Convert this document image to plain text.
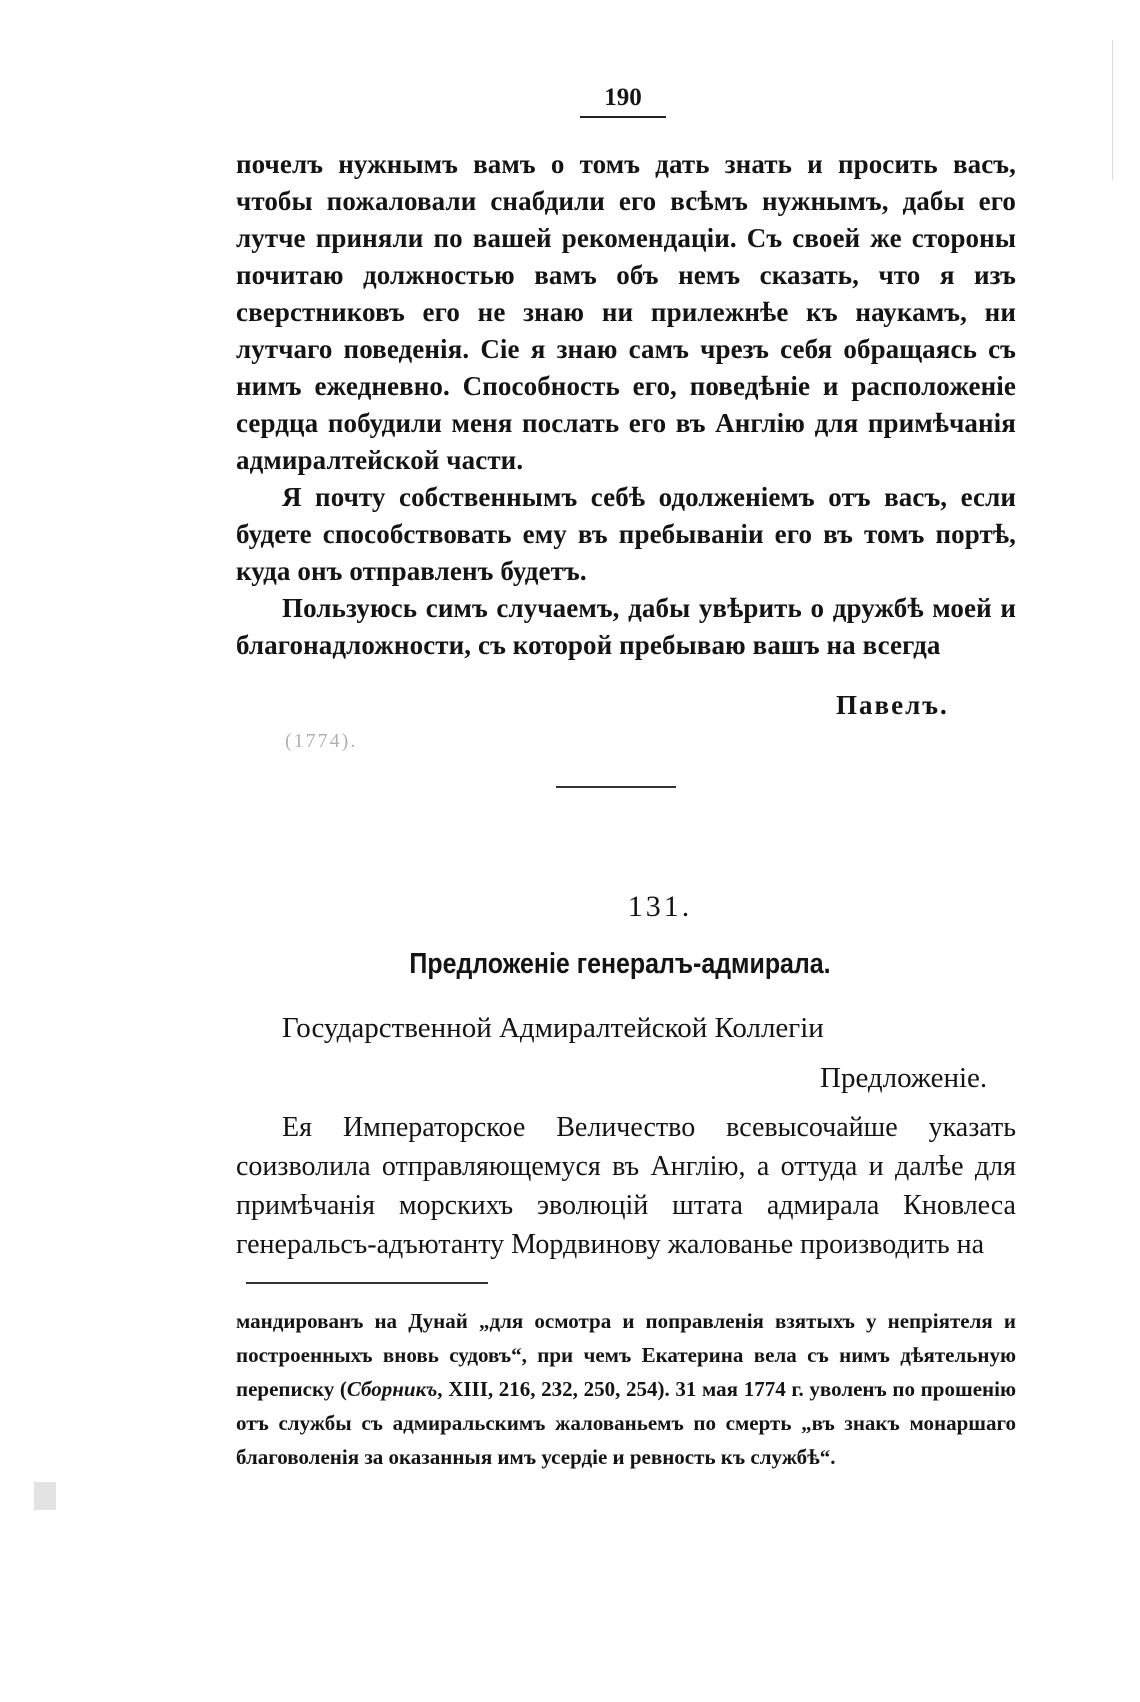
190

почелъ нужнымъ вамъ о томъ дать знать и просить васъ, чтобы пожаловали снабдили его всѣмъ нужнымъ, дабы его лутче приняли по вашей рекомендаціи. Съ своей же стороны почитаю должностью вамъ объ немъ сказать, что я изъ сверстниковъ его не знаю ни прилежнѣе къ наукамъ, ни лутчаго поведенія. Сіе я знаю самъ чрезъ себя обращаясь съ нимъ ежедневно. Способность его, поведѣніе и расположеніе сердца побудили меня послать его въ Англію для примѣчанія адмиралтейской части.

Я почту собственнымъ себѣ одолженіемъ отъ васъ, если будете способствовать ему въ пребываніи его въ томъ портѣ, куда онъ отправленъ будетъ.

Пользуюсь симъ случаемъ, дабы увѣрить о дружбѣ моей и благонадложности, съ которой пребываю вашъ на всегда

Павелъ.
(1774).
131.
Предложеніе генералъ-адмирала.
Государственной Адмиралтейской Коллегіи
Предложеніе.

Ея Императорское Величество всевысочайше указать соизволила отправляющемуся въ Англію, а оттуда и далѣе для примѣчанія морскихъ эволюцій штата адмирала Кновлеса генеральсъ-адъютанту Мордвинову жалованье производить на

мандированъ на Дунай „для осмотра и поправленія взятыхъ у непріятеля и построенныхъ вновь судовъ“, при чемъ Екатерина вела съ нимъ дѣятельную переписку (Сборникъ, XIII, 216, 232, 250, 254). 31 мая 1774 г. уволенъ по прошенію отъ службы съ адмиральскимъ жалованьемъ по смерть „въ знакъ монаршаго благоволенія за оказанныя имъ усердіе и ревность къ службѣ“.
